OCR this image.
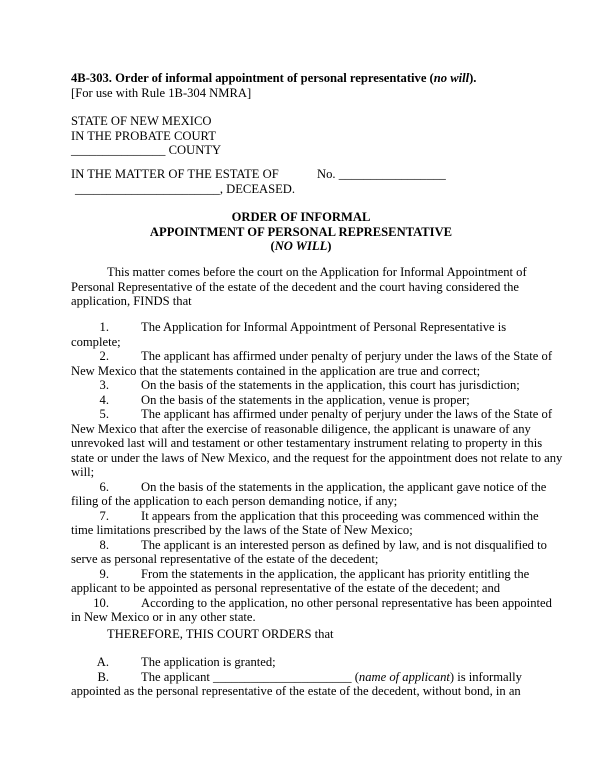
4B-303. Order of informal appointment of personal representative (no will).
[For use with Rule 1B-304 NMRA]
STATE OF NEW MEXICO
IN THE PROBATE COURT
_______________ COUNTY
IN THE MATTER OF THE ESTATE OF	No. _________________
_______________________, DECEASED.
ORDER OF INFORMAL
APPOINTMENT OF PERSONAL REPRESENTATIVE
(NO WILL)
This matter comes before the court on the Application for Informal Appointment of
Personal Representative of the estate of the decedent and the court having considered the
application, FINDS that
1.	The Application for Informal Appointment of Personal Representative is
complete;
2.	The applicant has affirmed under penalty of perjury under the laws of the State of
New Mexico that the statements contained in the application are true and correct;
3.	On the basis of the statements in the application, this court has jurisdiction;
4.	On the basis of the statements in the application, venue is proper;
5.	The applicant has affirmed under penalty of perjury under the laws of the State of
New Mexico that after the exercise of reasonable diligence, the applicant is unaware of any
unrevoked last will and testament or other testamentary instrument relating to property in this
state or under the laws of New Mexico, and the request for the appointment does not relate to any
will;
6.	On the basis of the statements in the application, the applicant gave notice of the
filing of the application to each person demanding notice, if any;
7.	It appears from the application that this proceeding was commenced within the
time limitations prescribed by the laws of the State of New Mexico;
8.	The applicant is an interested person as defined by law, and is not disqualified to
serve as personal representative of the estate of the decedent;
9.	From the statements in the application, the applicant has priority entitling the
applicant to be appointed as personal representative of the estate of the decedent; and
10.	According to the application, no other personal representative has been appointed
in New Mexico or in any other state.
THEREFORE, THIS COURT ORDERS that
A.	The application is granted;
B.	The applicant ______________________ (name of applicant) is informally
appointed as the personal representative of the estate of the decedent, without bond, in an
